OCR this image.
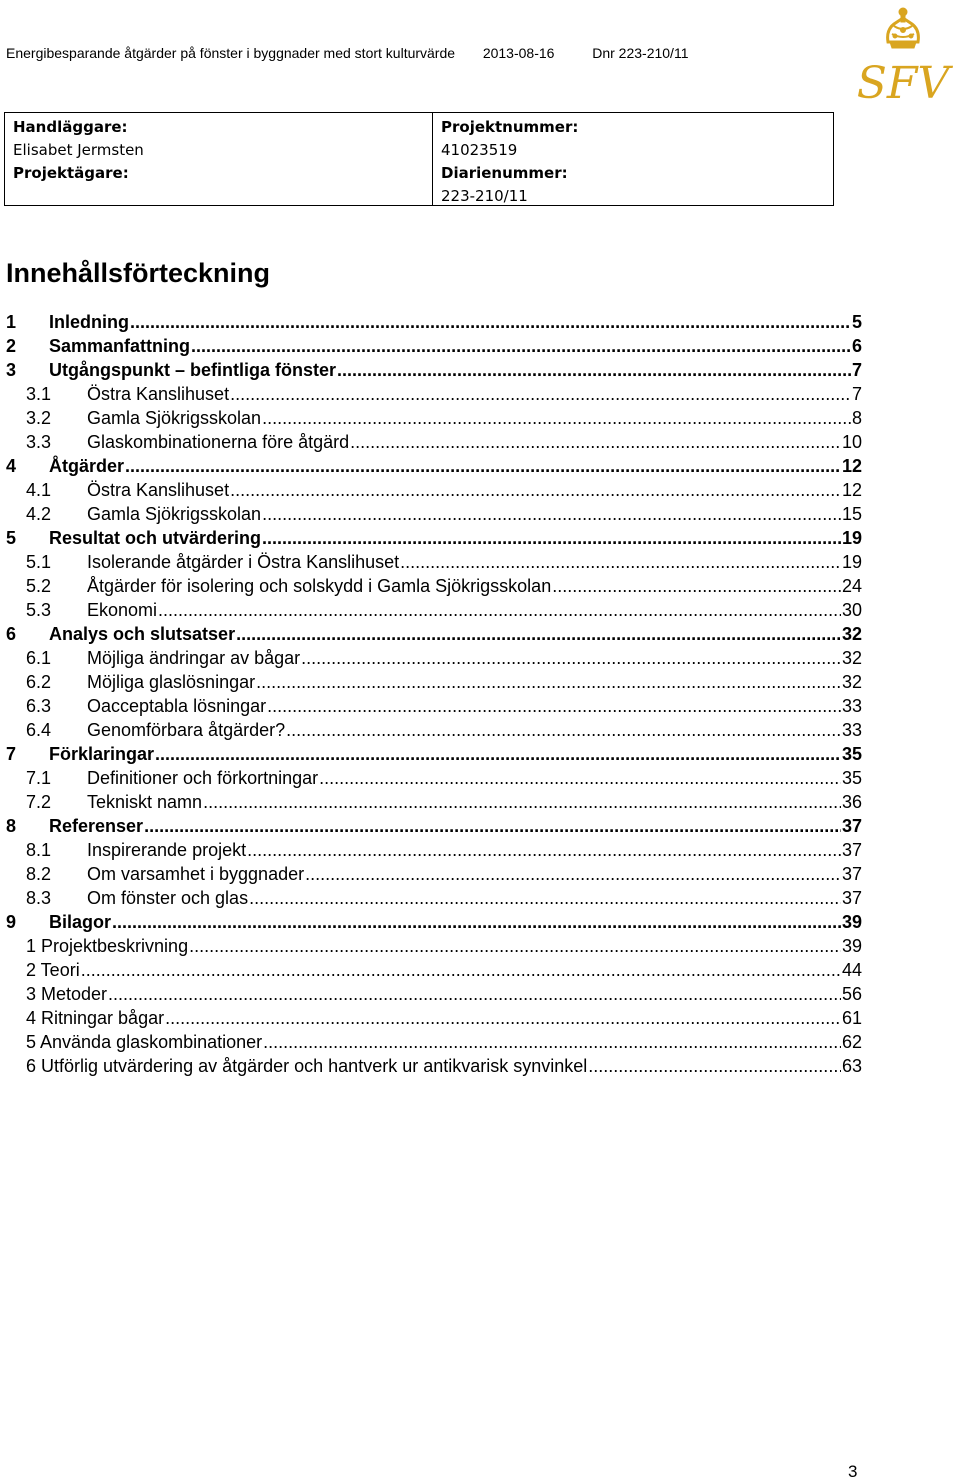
Energibesparande åtgärder på fönster i byggnader med stort kulturvärde 2013-08-16	Dnr 223-210/11
SFV
Handläggare:
Elisabet Jermsten
Projektägare:
Projektnummer:
41023519
Diarienummer:
223-210/11
Innehållsförteckning
1	Inledning .....	5
2	Sammanfattning .....	6
3	Utgångspunkt – befintliga fönster .....	7
3.1	Östra Kanslihuset .....	7
3.2	Gamla Sjökrigsskolan .....	8
3.3	Glaskombinationerna före åtgärd .....	10
4	Åtgärder .....	12
4.1	Östra Kanslihuset .....	12
4.2	Gamla Sjökrigsskolan .....	15
5	Resultat och utvärdering .....	19
5.1	Isolerande åtgärder i Östra Kanslihuset .....	19
5.2	Åtgärder för isolering och solskydd i Gamla Sjökrigsskolan .....	24
5.3	Ekonomi .....	30
6	Analys och slutsatser .....	32
6.1	Möjliga ändringar av bågar .....	32
6.2	Möjliga glaslösningar .....	32
6.3	Oacceptabla lösningar .....	33
6.4	Genomförbara åtgärder? .....	33
7	Förklaringar .....	35
7.1	Definitioner och förkortningar .....	35
7.2	Tekniskt namn .....	36
8	Referenser .....	37
8.1	Inspirerande projekt .....	37
8.2	Om varsamhet i byggnader .....	37
8.3	Om fönster och glas .....	37
9	Bilagor .....	39
1 Projektbeskrivning .....	39
2 Teori .....	44
3 Metoder .....	56
4 Ritningar bågar .....	61
5 Använda glaskombinationer .....	62
6 Utförlig utvärdering av åtgärder och hantverk ur antikvarisk synvinkel .....	63
3
